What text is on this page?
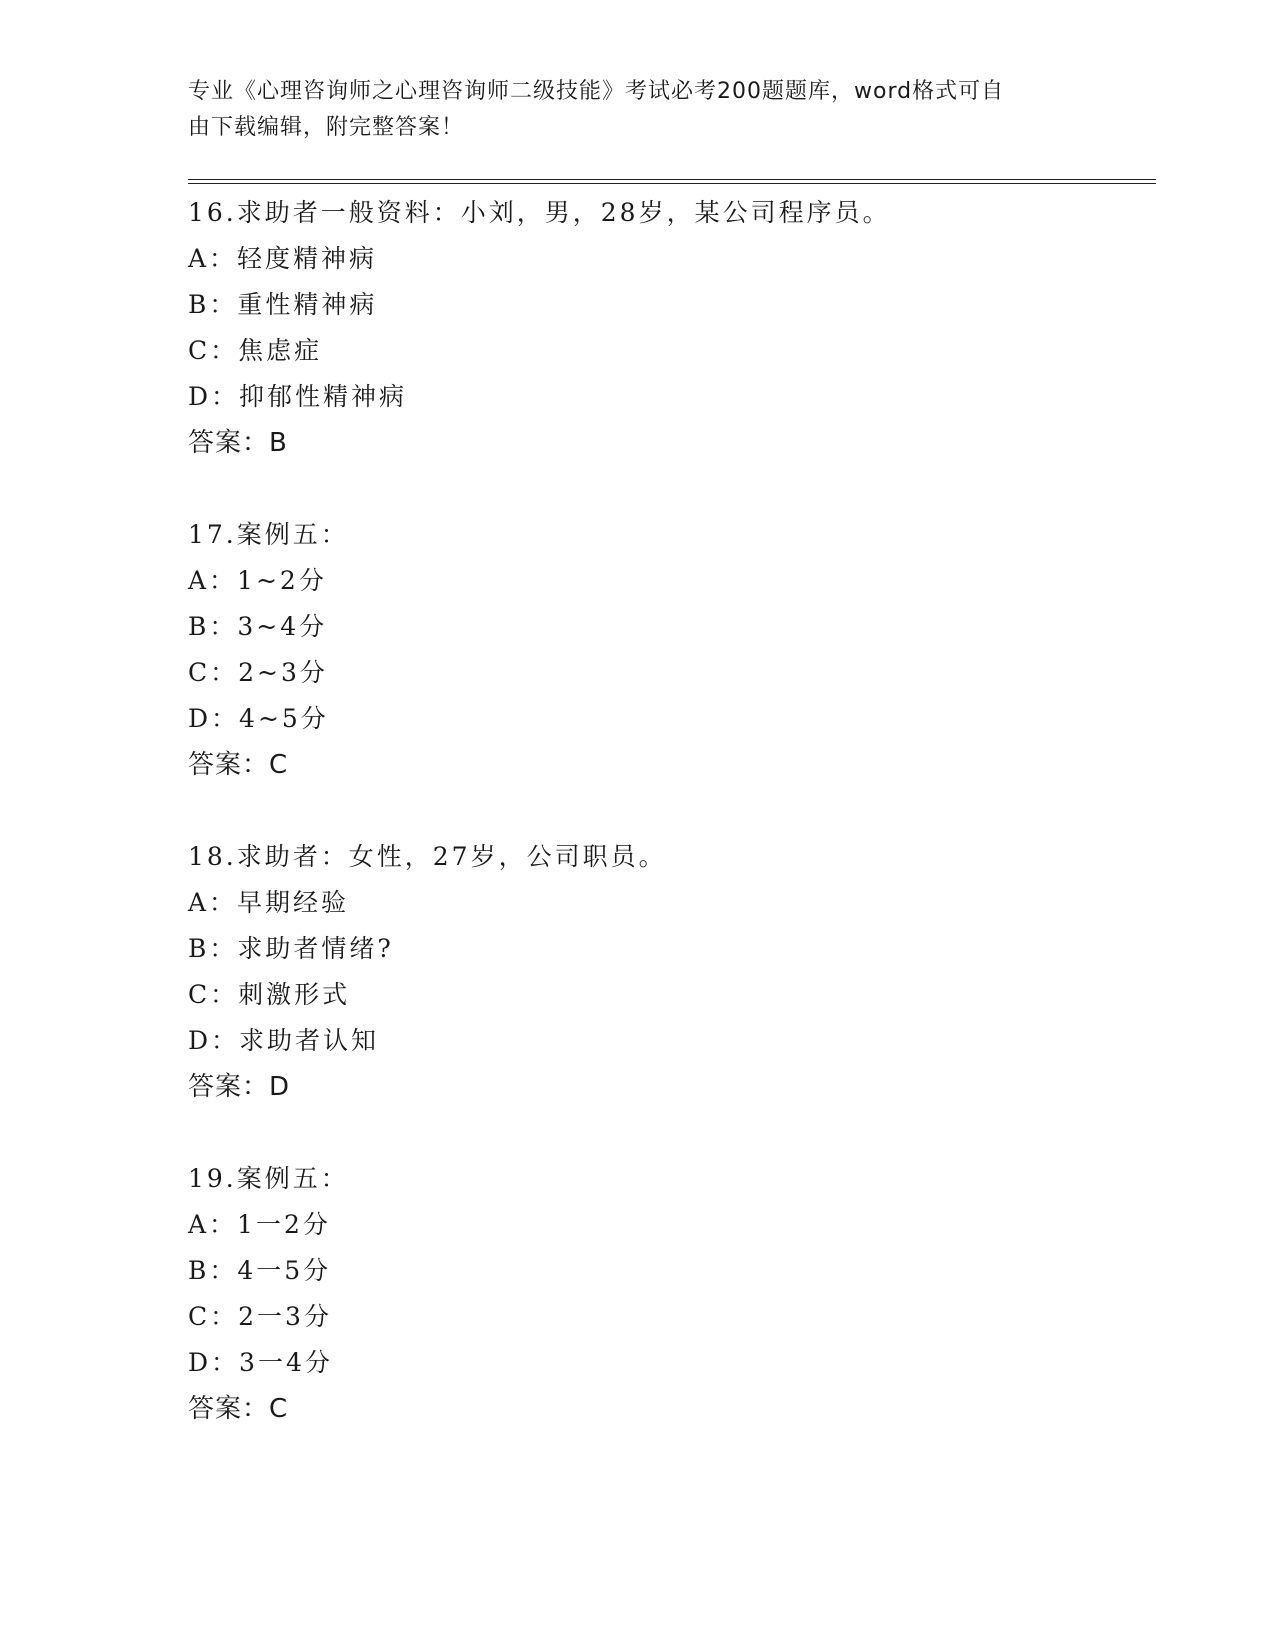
专业《心理咨询师之心理咨询师二级技能》考试必考200题题库，word格式可自
由下载编辑，附完整答案！
16.求助者一般资料：小刘，男，28岁，某公司程序员。
A：轻度精神病
B：重性精神病
C：焦虑症
D：抑郁性精神病
答案：B
17.案例五：
A：1~2分
B：3~4分
C：2~3分
D：4~5分
答案：C
18.求助者：女性，27岁，公司职员。
A：早期经验
B：求助者情绪?
C：刺激形式
D：求助者认知
答案：D
19.案例五：
A：1一2分
B：4一5分
C：2一3分
D：3一4分
答案：C
